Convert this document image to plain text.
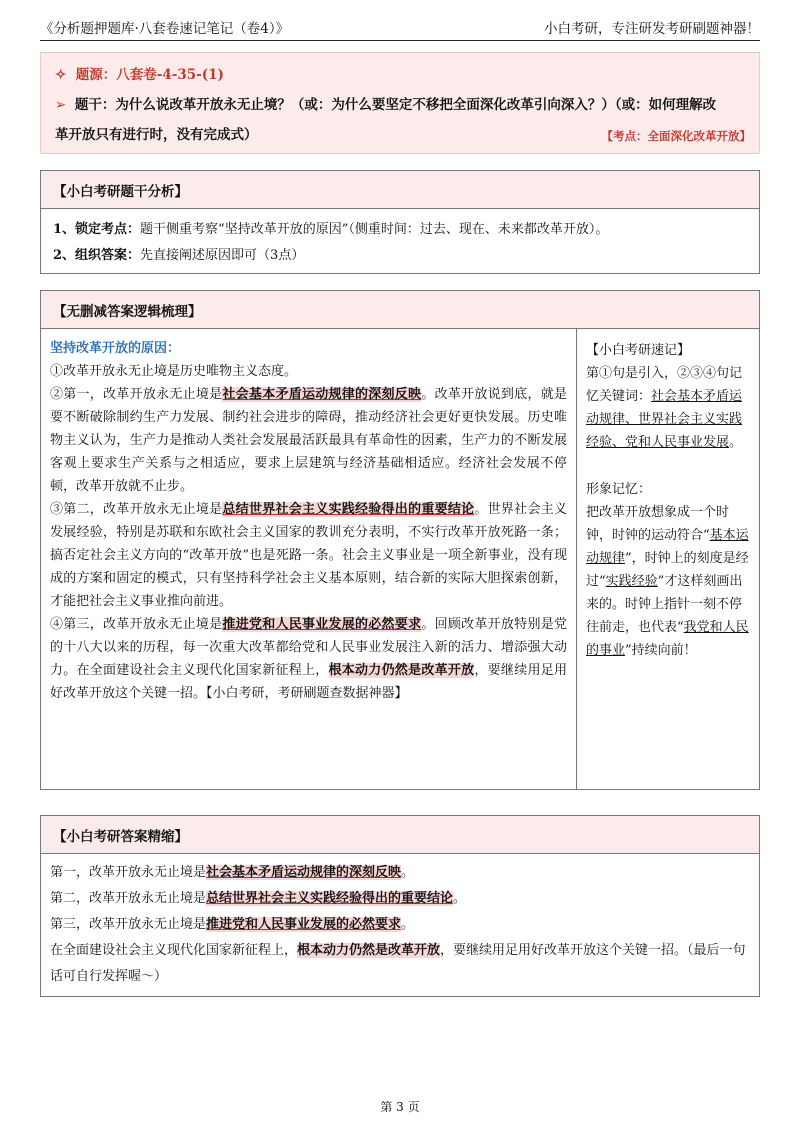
《分析题押题库·八套卷速记笔记（卷4）》	小白考研，专注研发考研刷题神器！
✧ 题源：八套卷-4-35-(1)
➢ 题干：为什么说改革开放永无止境？（或：为什么要坚定不移把全面深化改革引向深入？）（或：如何理解改
革开放只有进行时，没有完成式）	【考点：全面深化改革开放】
【小白考研题干分析】
1、锁定考点：题干侧重考察“坚持改革开放的原因”（侧重时间：过去、现在、未来都改革开放）。
2、组织答案：先直接阐述原因即可（3点）
【无删减答案逻辑梳理】

坚持改革开放的原因：

①改革开放永无止境是历史唯物主义态度。

②第一，改革开放永无止境是社会基本矛盾运动规律的深刻反映。改革开放说到底，就是要不断破除制约生产力发展、制约社会进步的障碍，推动经济社会更好更快发展。历史唯物主义认为，生产力是推动人类社会发展最活跃最具有革命性的因素，生产力的不断发展客观上要求生产关系与之相适应，要求上层建筑与经济基础相适应。经济社会发展不停顿，改革开放就不止步。

③第二，改革开放永无止境是总结世界社会主义实践经验得出的重要结论。世界社会主义发展经验，特别是苏联和东欧社会主义国家的教训充分表明，不实行改革开放死路一条；搞否定社会主义方向的“改革开放”也是死路一条。社会主义事业是一项全新事业，没有现成的方案和固定的模式，只有坚持科学社会主义基本原则，结合新的实际大胆探索创新，才能把社会主义事业推向前进。

④第三，改革开放永无止境是推进党和人民事业发展的必然要求。回顾改革开放特别是党的十八大以来的历程，每一次重大改革都给党和人民事业发展注入新的活力、增添强大动力。在全面建设社会主义现代化国家新征程上，根本动力仍然是改革开放，要继续用足用好改革开放这个关键一招。【小白考研，考研刷题查数据神器】

【小白考研速记】
第①句是引入，②③④句记忆关键词：社会基本矛盾运动规律、世界社会主义实践经验、党和人民事业发展。
形象记忆：
把改革开放想象成一个时钟，时钟的运动符合“基本运动规律”，时钟上的刻度是经过“实践经验”才这样刻画出来的。时钟上指针一刻不停往前走，也代表“我党和人民的事业”持续向前！
【小白考研答案精缩】
第一，改革开放永无止境是社会基本矛盾运动规律的深刻反映。
第二，改革开放永无止境是总结世界社会主义实践经验得出的重要结论。
第三，改革开放永无止境是推进党和人民事业发展的必然要求。
在全面建设社会主义现代化国家新征程上，根本动力仍然是改革开放，要继续用足用好改革开放这个关键一招。（最后一句话可自行发挥喔～）
第 3 页
